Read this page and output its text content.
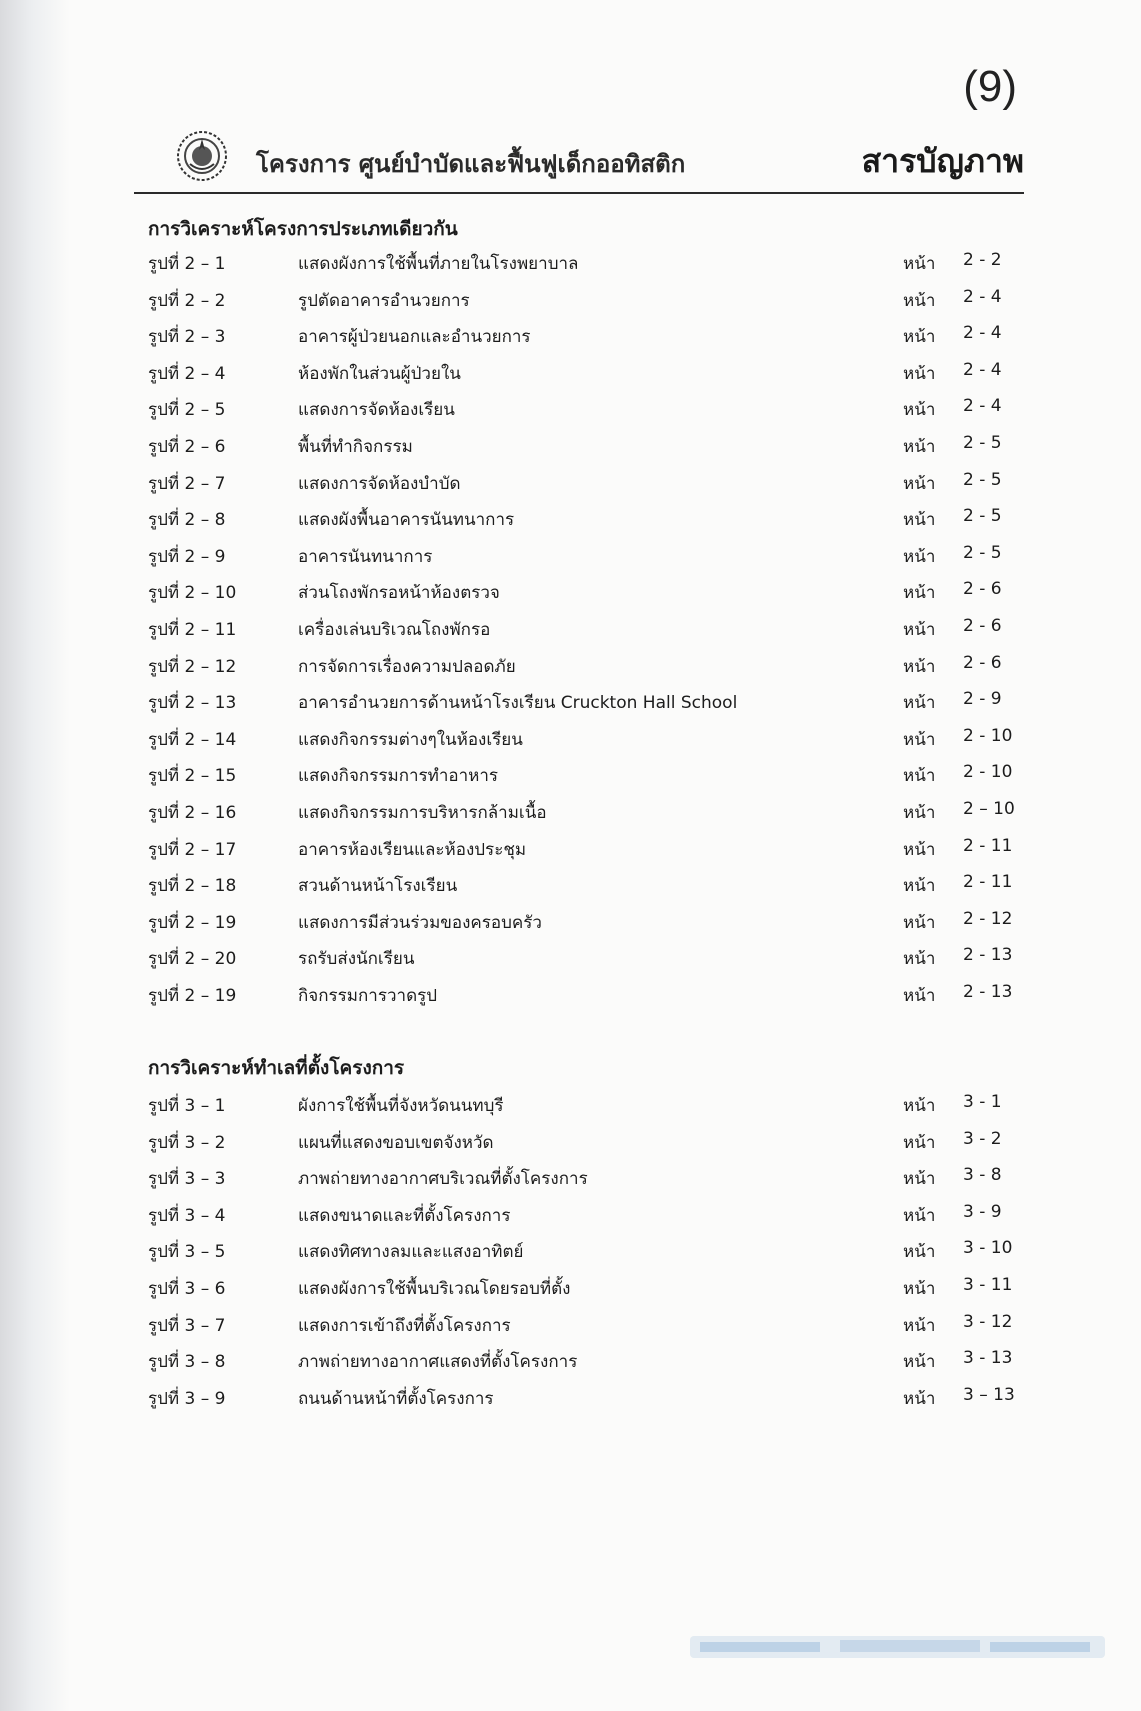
(9)
โครงการ ศูนย์บำบัดและฟื้นฟูเด็กออทิสติก	สารบัญภาพ
การวิเคราะห์โครงการประเภทเดียวกัน
รูปที่ 2 – 1	แสดงผังการใช้พื้นที่ภายในโรงพยาบาล	หน้า 2 - 2
รูปที่ 2 – 2	รูปตัดอาคารอำนวยการ	หน้า 2 - 4
รูปที่ 2 – 3	อาคารผู้ป่วยนอกและอำนวยการ	หน้า 2 - 4
รูปที่ 2 – 4	ห้องพักในส่วนผู้ป่วยใน	หน้า 2 - 4
รูปที่ 2 – 5	แสดงการจัดห้องเรียน	หน้า 2 - 4
รูปที่ 2 – 6	พื้นที่ทำกิจกรรม	หน้า 2 - 5
รูปที่ 2 – 7	แสดงการจัดห้องบำบัด	หน้า 2 - 5
รูปที่ 2 – 8	แสดงผังพื้นอาคารนันทนาการ	หน้า 2 - 5
รูปที่ 2 – 9	อาคารนันทนาการ	หน้า 2 - 5
รูปที่ 2 – 10	ส่วนโถงพักรอหน้าห้องตรวจ	หน้า 2 - 6
รูปที่ 2 – 11	เครื่องเล่นบริเวณโถงพักรอ	หน้า 2 - 6
รูปที่ 2 – 12	การจัดการเรื่องความปลอดภัย	หน้า 2 - 6
รูปที่ 2 – 13	อาคารอำนวยการด้านหน้าโรงเรียน Cruckton Hall School	หน้า 2 - 9
รูปที่ 2 – 14	แสดงกิจกรรมต่างๆในห้องเรียน	หน้า 2 - 10
รูปที่ 2 – 15	แสดงกิจกรรมการทำอาหาร	หน้า 2 - 10
รูปที่ 2 – 16	แสดงกิจกรรมการบริหารกล้ามเนื้อ	หน้า 2 – 10
รูปที่ 2 – 17	อาคารห้องเรียนและห้องประชุม	หน้า 2 - 11
รูปที่ 2 – 18	สวนด้านหน้าโรงเรียน	หน้า 2 - 11
รูปที่ 2 – 19	แสดงการมีส่วนร่วมของครอบครัว	หน้า 2 - 12
รูปที่ 2 – 20	รถรับส่งนักเรียน	หน้า 2 - 13
รูปที่ 2 – 19	กิจกรรมการวาดรูป	หน้า 2 - 13
การวิเคราะห์ทำเลที่ตั้งโครงการ
รูปที่ 3 – 1	ผังการใช้พื้นที่จังหวัดนนทบุรี	หน้า 3 - 1
รูปที่ 3 – 2	แผนที่แสดงขอบเขตจังหวัด	หน้า 3 - 2
รูปที่ 3 – 3	ภาพถ่ายทางอากาศบริเวณที่ตั้งโครงการ	หน้า 3 - 8
รูปที่ 3 – 4	แสดงขนาดและที่ตั้งโครงการ	หน้า 3 - 9
รูปที่ 3 – 5	แสดงทิศทางลมและแสงอาทิตย์	หน้า 3 - 10
รูปที่ 3 – 6	แสดงผังการใช้พื้นบริเวณโดยรอบที่ตั้ง	หน้า 3 - 11
รูปที่ 3 – 7	แสดงการเข้าถึงที่ตั้งโครงการ	หน้า 3 - 12
รูปที่ 3 – 8	ภาพถ่ายทางอากาศแสดงที่ตั้งโครงการ	หน้า 3 - 13
รูปที่ 3 – 9	ถนนด้านหน้าที่ตั้งโครงการ	หน้า 3 – 13
